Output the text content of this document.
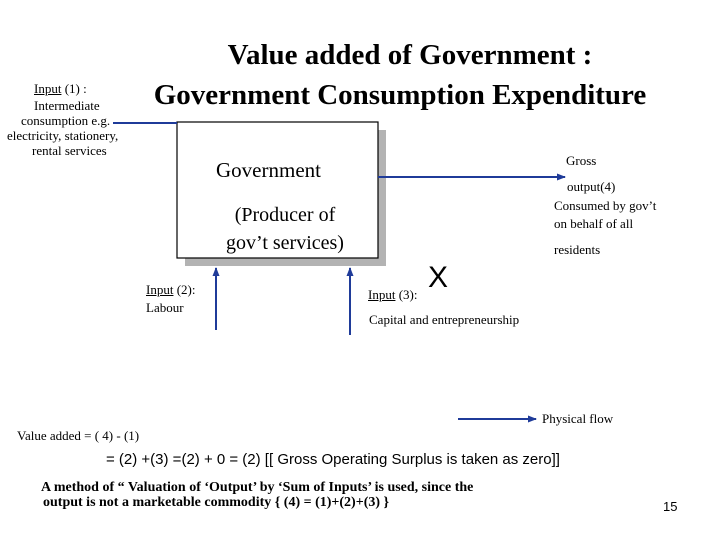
Value added of Government :
Government Consumption Expenditure
Input (1) :
Intermediate
consumption e.g.
electricity, stationery,
rental services
Government
(Producer of
gov’t services)
Gross
output(4)
Consumed by gov’t
on behalf of all
residents
Input (2):
Labour
Input (3):
X
Capital and entrepreneurship
Physical flow
Value added = ( 4) - (1)
= (2) +(3) =(2) + 0 = (2) [[ Gross Operating Surplus is taken as zero]]
A method of “ Valuation of ‘Output’ by ‘Sum of Inputs’ is used, since the
output is not a marketable commodity { (4) = (1)+(2)+(3) }	15
